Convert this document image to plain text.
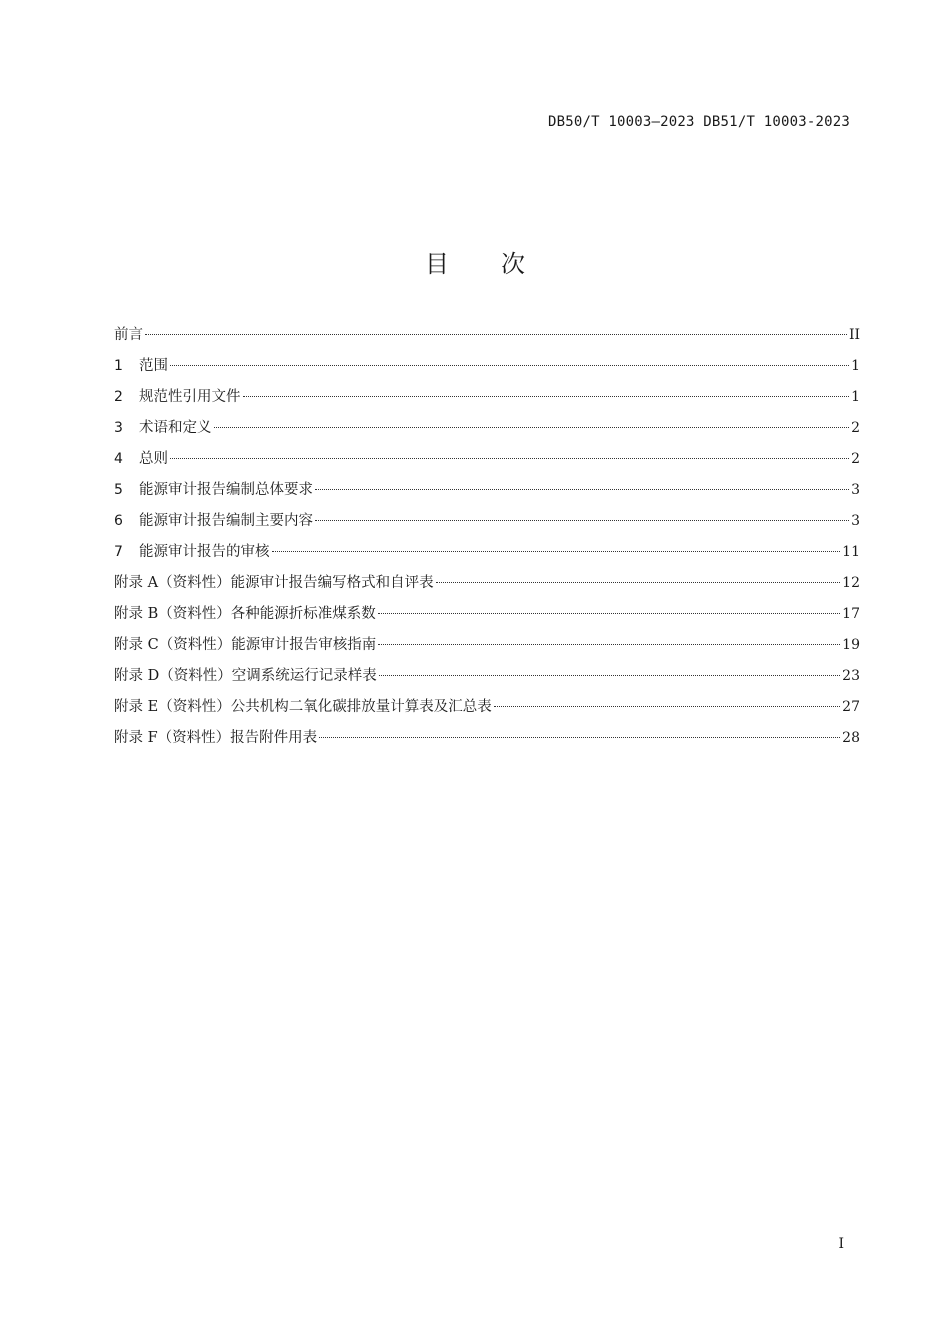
DB50/T 10003—2023 DB51/T 10003-2023
目次
前言	II
1	范围	1
2	规范性引用文件	1
3	术语和定义	2
4	总则	2
5	能源审计报告编制总体要求	3
6	能源审计报告编制主要内容	3
7	能源审计报告的审核	11
附录 A（资料性）能源审计报告编写格式和自评表	12
附录 B（资料性）各种能源折标准煤系数	17
附录 C（资料性）能源审计报告审核指南	19
附录 D（资料性）空调系统运行记录样表	23
附录 E（资料性）公共机构二氧化碳排放量计算表及汇总表	27
附录 F（资料性）报告附件用表	28
I
